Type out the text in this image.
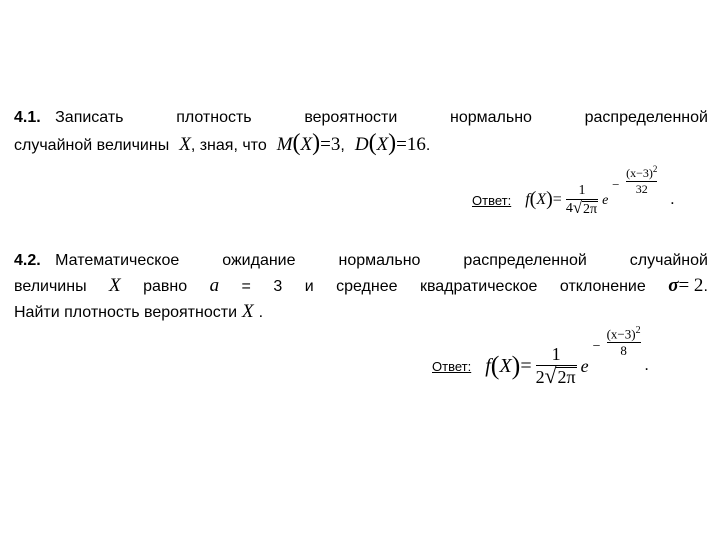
4.1. Записать	плотность	вероятности	нормально	распределенной
случайной величины X , зная, что M(X)=3 , D(X)=16 .
Ответ: f ( X ) = $\frac{1}{4 √ 2\pi}$ e
−
$(x-3)^2$
32
.
4.2. Математическое	ожидание	нормально	распределенной	случайной
величины X равно a = 3 и среднее квадратическое отклонение σ= 2.
Найти плотность вероятности X .
Ответ: f ( X ) = $\frac{1}{2 √ 2\pi}$ e
−
$(x-3)^2$
8
.
